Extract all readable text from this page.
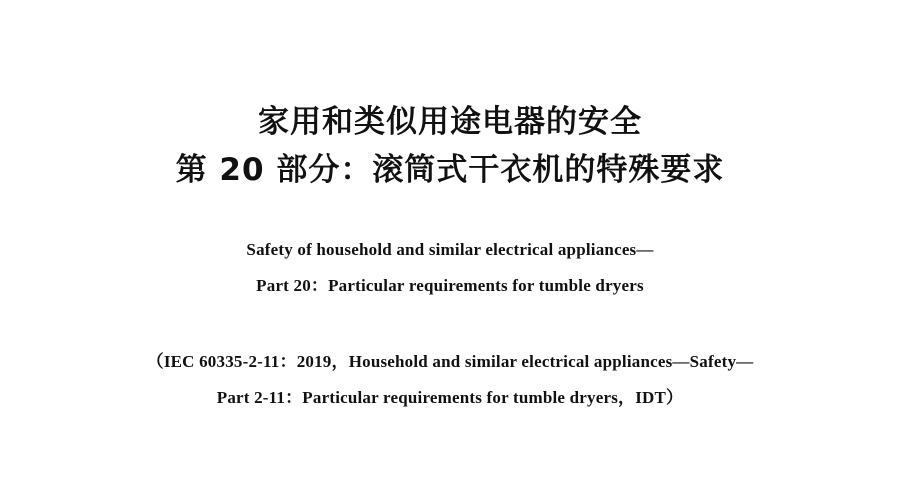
家用和类似用途电器的安全
第 20 部分：滚筒式干衣机的特殊要求
Safety of household and similar electrical appliances—
Part 20：Particular requirements for tumble dryers
（IEC 60335-2-11：2019，Household and similar electrical appliances—Safety—
Part 2-11：Particular requirements for tumble dryers，IDT）
